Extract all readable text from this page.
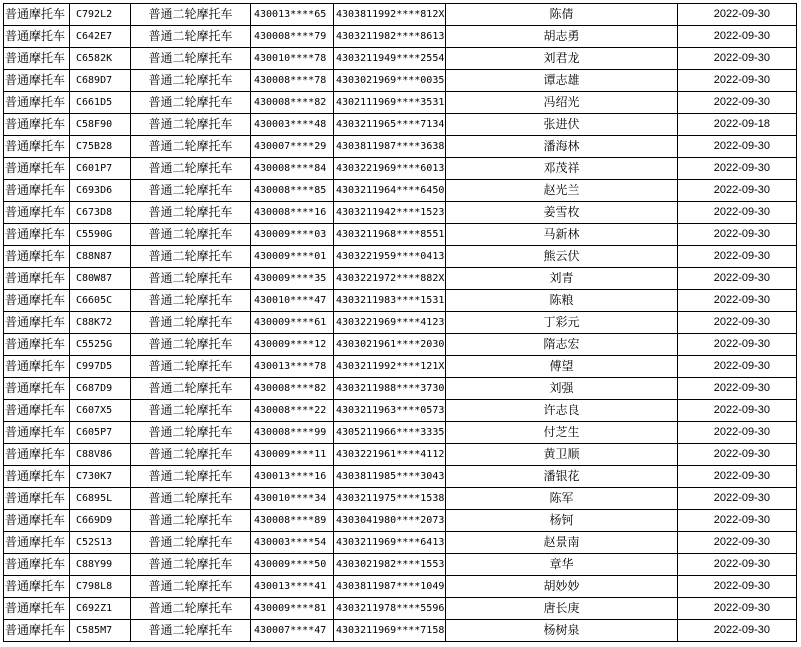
普通摩托车	C792L2	普通二轮摩托车	430013****65	4303811992****812X	陈倩	2022-09-30
普通摩托车	C642E7	普通二轮摩托车	430008****79	4303211982****8613	胡志勇	2022-09-30
普通摩托车	C6582K	普通二轮摩托车	430010****78	4303211949****2554	刘君龙	2022-09-30
普通摩托车	C689D7	普通二轮摩托车	430008****78	4303021969****0035	谭志雄	2022-09-30
普通摩托车	C661D5	普通二轮摩托车	430008****82	4302111969****3531	冯绍光	2022-09-30
普通摩托车	C58F90	普通二轮摩托车	430003****48	4303211965****7134	张进伏	2022-09-18
普通摩托车	C75B28	普通二轮摩托车	430007****29	4303811987****3638	潘海林	2022-09-30
普通摩托车	C601P7	普通二轮摩托车	430008****84	4303221969****6013	邓茂祥	2022-09-30
普通摩托车	C693D6	普通二轮摩托车	430008****85	4303211964****6450	赵光兰	2022-09-30
普通摩托车	C673D8	普通二轮摩托车	430008****16	4303211942****1523	姜雪枚	2022-09-30
普通摩托车	C5590G	普通二轮摩托车	430009****03	4303211968****8551	马新林	2022-09-30
普通摩托车	C88N87	普通二轮摩托车	430009****01	4303221959****0413	熊云伏	2022-09-30
普通摩托车	C80W87	普通二轮摩托车	430009****35	4303221972****882X	刘青	2022-09-30
普通摩托车	C6605C	普通二轮摩托车	430010****47	4303211983****1531	陈粮	2022-09-30
普通摩托车	C88K72	普通二轮摩托车	430009****61	4303221969****4123	丁彩元	2022-09-30
普通摩托车	C5525G	普通二轮摩托车	430009****12	4303021961****2030	隋志宏	2022-09-30
普通摩托车	C997D5	普通二轮摩托车	430013****78	4303211992****121X	傅望	2022-09-30
普通摩托车	C687D9	普通二轮摩托车	430008****82	4303211988****3730	刘强	2022-09-30
普通摩托车	C607X5	普通二轮摩托车	430008****22	4303211963****0573	许志良	2022-09-30
普通摩托车	C605P7	普通二轮摩托车	430008****99	4305211966****3335	付芝生	2022-09-30
普通摩托车	C88V86	普通二轮摩托车	430009****11	4303221961****4112	黄卫顺	2022-09-30
普通摩托车	C730K7	普通二轮摩托车	430013****16	4303811985****3043	潘银花	2022-09-30
普通摩托车	C6895L	普通二轮摩托车	430010****34	4303211975****1538	陈军	2022-09-30
普通摩托车	C669D9	普通二轮摩托车	430008****89	4303041980****2073	杨钶	2022-09-30
普通摩托车	C52S13	普通二轮摩托车	430003****54	4303211969****6413	赵景南	2022-09-30
普通摩托车	C88Y99	普通二轮摩托车	430009****50	4303021982****1553	章华	2022-09-30
普通摩托车	C798L8	普通二轮摩托车	430013****41	4303811987****1049	胡妙妙	2022-09-30
普通摩托车	C692Z1	普通二轮摩托车	430009****81	4303211978****5596	唐长庚	2022-09-30
普通摩托车	C585M7	普通二轮摩托车	430007****47	4303211969****7158	杨树泉	2022-09-30
